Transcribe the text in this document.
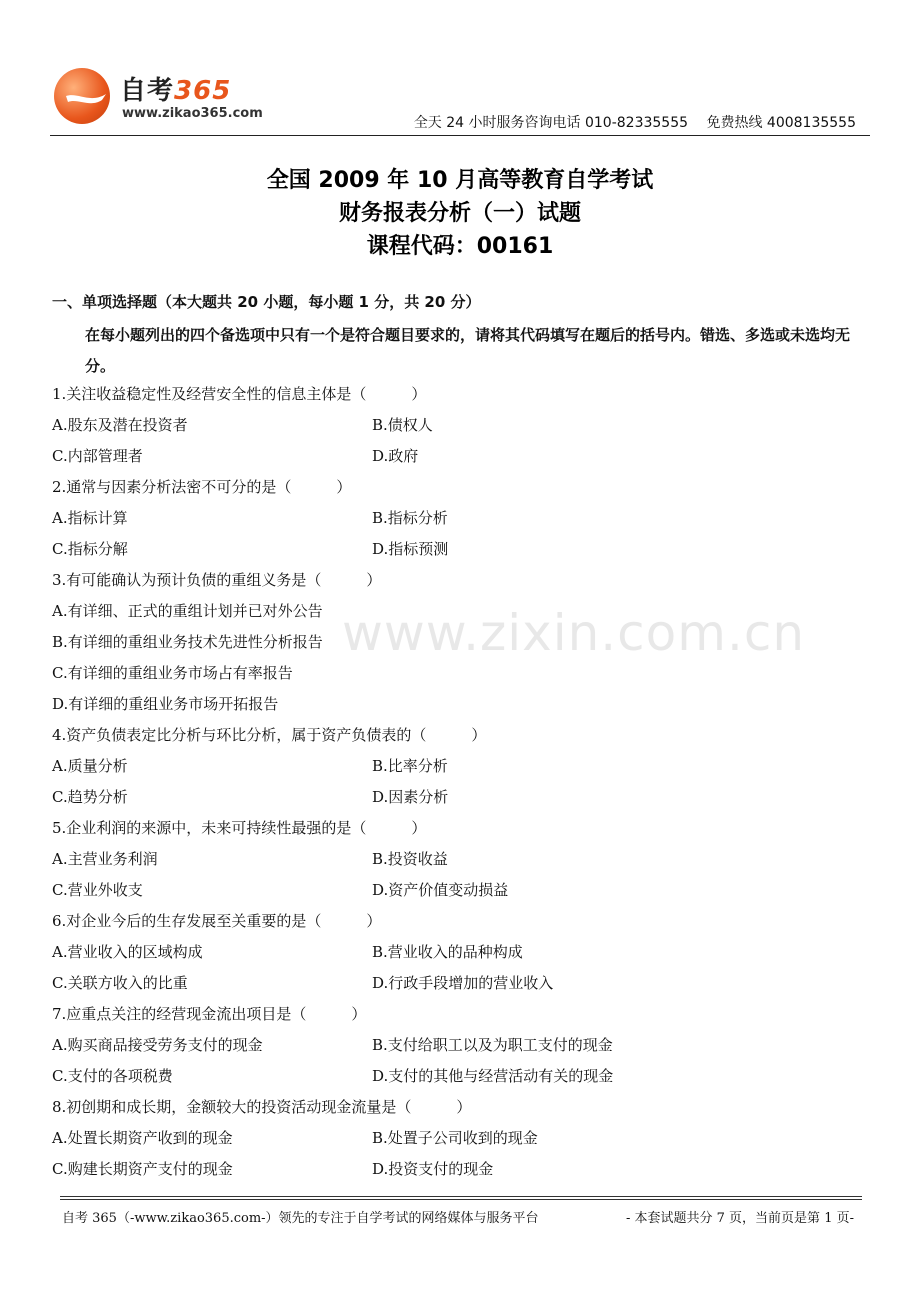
自考365
www.zikao365.com
全天 24 小时服务咨询电话 010-82335555 免费热线 4008135555
全国 2009 年 10 月高等教育自学考试
财务报表分析（一）试题
课程代码：00161
一、单项选择题（本大题共 20 小题，每小题 1 分，共 20 分）
在每小题列出的四个备选项中只有一个是符合题目要求的，请将其代码填写在题后的括号内。错选、多选或未选均无分。
1.关注收益稳定性及经营安全性的信息主体是（　　　）
A.股东及潜在投资者	B.债权人
C.内部管理者	D.政府
2.通常与因素分析法密不可分的是（　　　）
A.指标计算	B.指标分析
C.指标分解	D.指标预测
3.有可能确认为预计负债的重组义务是（　　　）
A.有详细、正式的重组计划并已对外公告
B.有详细的重组业务技术先进性分析报告
C.有详细的重组业务市场占有率报告
D.有详细的重组业务市场开拓报告
4.资产负债表定比分析与环比分析，属于资产负债表的（　　　）
A.质量分析	B.比率分析
C.趋势分析	D.因素分析
5.企业利润的来源中，未来可持续性最强的是（　　　）
A.主营业务利润	B.投资收益
C.营业外收支	D.资产价值变动损益
6.对企业今后的生存发展至关重要的是（　　　）
A.营业收入的区域构成	B.营业收入的品种构成
C.关联方收入的比重	D.行政手段增加的营业收入
7.应重点关注的经营现金流出项目是（　　　）
A.购买商品接受劳务支付的现金	B.支付给职工以及为职工支付的现金
C.支付的各项税费	D.支付的其他与经营活动有关的现金
8.初创期和成长期，金额较大的投资活动现金流量是（　　　）
A.处置长期资产收到的现金	B.处置子公司收到的现金
C.购建长期资产支付的现金	D.投资支付的现金
www.zixin.com.cn
自考 365（-www.zikao365.com-）领先的专注于自学考试的网络媒体与服务平台	- 本套试题共分 7 页，当前页是第 1 页-
